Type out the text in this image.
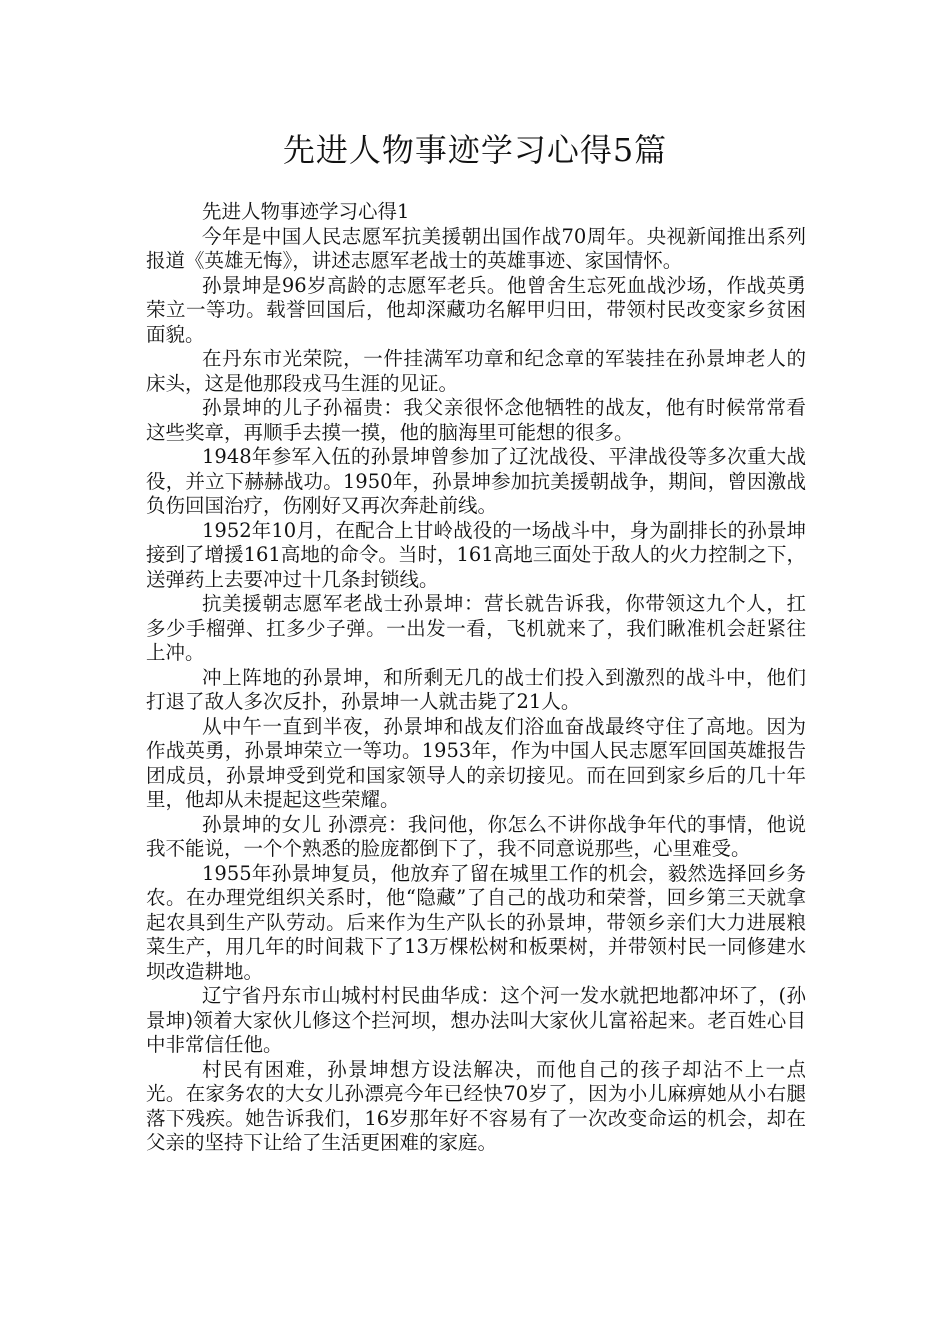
先进人物事迹学习心得5篇

先进人物事迹学习心得1

今年是中国人民志愿军抗美援朝出国作战70周年。央视新闻推出系列报道《英雄无悔》，讲述志愿军老战士的英雄事迹、家国情怀。

孙景坤是96岁高龄的志愿军老兵。他曾舍生忘死血战沙场，作战英勇荣立一等功。载誉回国后，他却深藏功名解甲归田，带领村民改变家乡贫困面貌。

在丹东市光荣院，一件挂满军功章和纪念章的军装挂在孙景坤老人的床头，这是他那段戎马生涯的见证。

孙景坤的儿子孙福贵：我父亲很怀念他牺牲的战友，他有时候常常看这些奖章，再顺手去摸一摸，他的脑海里可能想的很多。

1948年参军入伍的孙景坤曾参加了辽沈战役、平津战役等多次重大战役，并立下赫赫战功。1950年，孙景坤参加抗美援朝战争，期间，曾因激战负伤回国治疗，伤刚好又再次奔赴前线。

1952年10月，在配合上甘岭战役的一场战斗中，身为副排长的孙景坤接到了增援161高地的命令。当时，161高地三面处于敌人的火力控制之下，送弹药上去要冲过十几条封锁线。

抗美援朝志愿军老战士孙景坤：营长就告诉我，你带领这九个人，扛多少手榴弹、扛多少子弹。一出发一看，飞机就来了，我们瞅准机会赶紧往上冲。

冲上阵地的孙景坤，和所剩无几的战士们投入到激烈的战斗中，他们打退了敌人多次反扑，孙景坤一人就击毙了21人。

从中午一直到半夜，孙景坤和战友们浴血奋战最终守住了高地。因为作战英勇，孙景坤荣立一等功。1953年，作为中国人民志愿军回国英雄报告团成员，孙景坤受到党和国家领导人的亲切接见。而在回到家乡后的几十年里，他却从未提起这些荣耀。

孙景坤的女儿 孙漂亮：我问他，你怎么不讲你战争年代的事情，他说我不能说，一个个熟悉的脸庞都倒下了，我不同意说那些，心里难受。

1955年孙景坤复员，他放弃了留在城里工作的机会，毅然选择回乡务农。在办理党组织关系时，他“隐藏”了自己的战功和荣誉，回乡第三天就拿起农具到生产队劳动。后来作为生产队长的孙景坤，带领乡亲们大力进展粮菜生产，用几年的时间栽下了13万棵松树和板栗树，并带领村民一同修建水坝改造耕地。

辽宁省丹东市山城村村民曲华成：这个河一发水就把地都冲坏了，(孙景坤)领着大家伙儿修这个拦河坝，想办法叫大家伙儿富裕起来。老百姓心目中非常信任他。

村民有困难，孙景坤想方设法解决，而他自己的孩子却沾不上一点光。在家务农的大女儿孙漂亮今年已经快70岁了，因为小儿麻痹她从小右腿落下残疾。她告诉我们，16岁那年好不容易有了一次改变命运的机会，却在父亲的坚持下让给了生活更困难的家庭。
